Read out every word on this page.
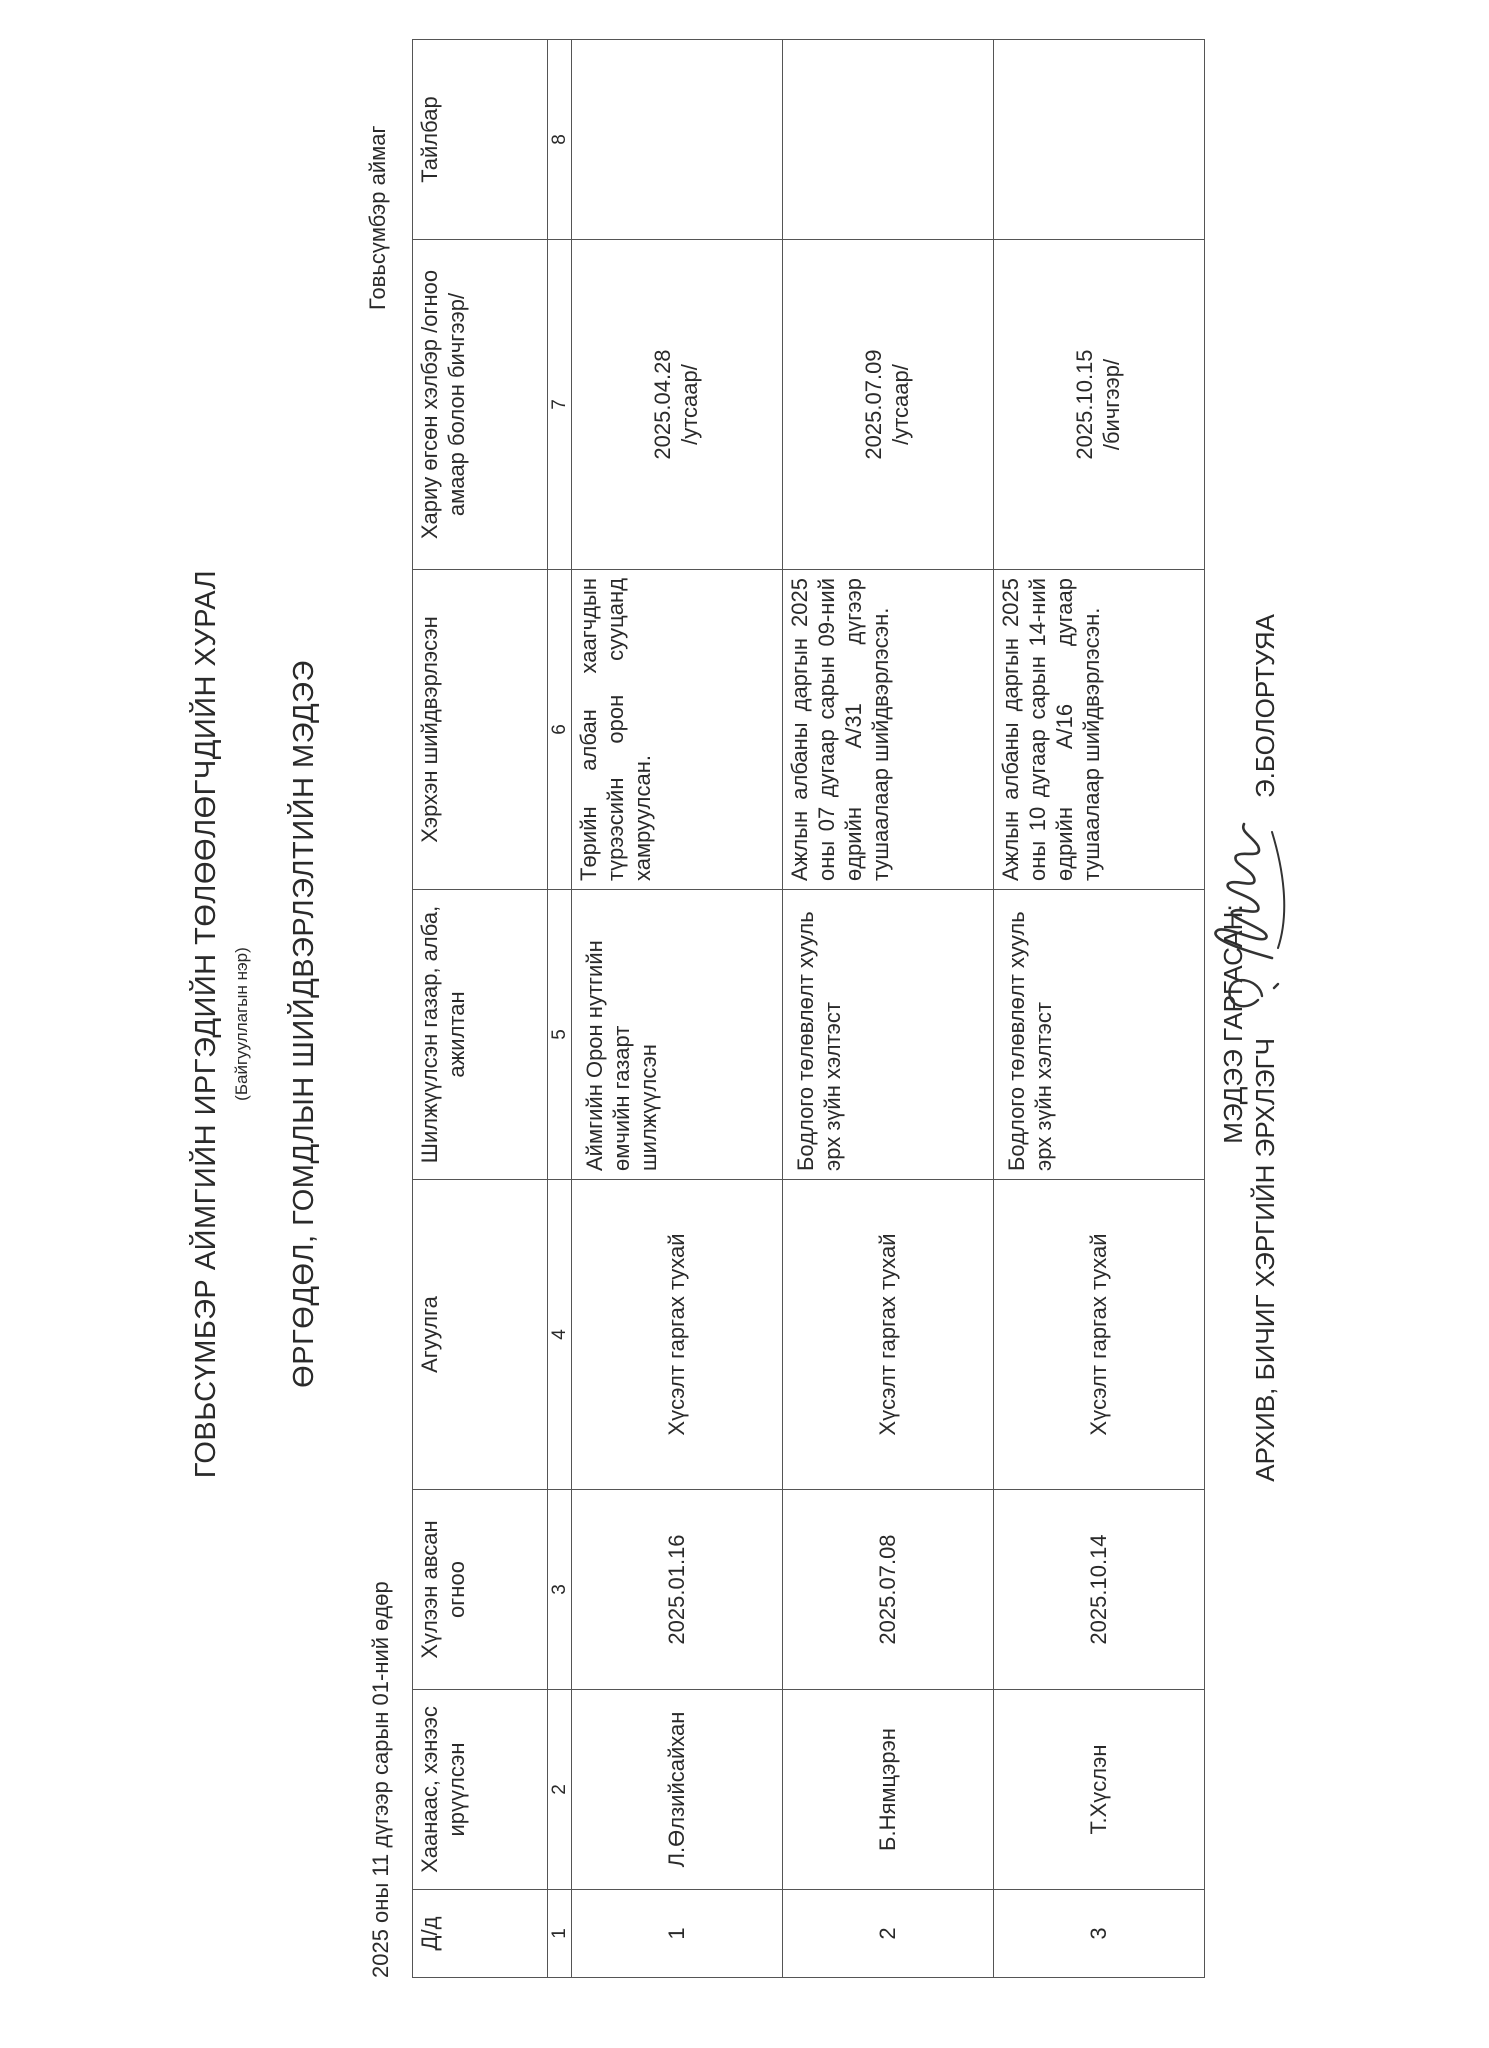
ГОВЬСҮМБЭР АЙМГИЙН ИРГЭДИЙН ТӨЛӨӨЛӨГЧДИЙН ХУРАЛ (Байгууллагын нэр) ӨРГӨДӨЛ, ГОМДЛЫН ШИЙДВЭРЛЭЛТИЙН МЭДЭЭ
2025 оны 11 дүгээр сарын 01-ний өдөр
Говьсүмбэр аймаг
Д/д	Хаанаас, хэнээс ирүүлсэн	Хүлээн авсан огноо	Агуулга	Шилжүүлсэн газар, алба, ажилтан	Хэрхэн шийдвэрлэсэн	Хариу өгсөн хэлбэр /огноо амаар болон бичгээр/	Тайлбар
1	2	3	4	5	6	7	8
1	Л.Өлзийсайхан	2025.01.16	Хүсэлт гаргах тухай	Аймгийн Орон нутгийн өмчийн газарт шилжүүлсэн	Төрийн албан хаагчдын түрээсийн орон сууцанд хамруулсан.	2025.04.28 /утсаар/	

2	Б.Нямцэрэн	2025.07.08	Хүсэлт гаргах тухай	Бодлого төлөвлөлт хууль эрх зүйн хэлтэст	Ажлын албаны даргын 2025 оны 07 дугаар сарын 09-ний өдрийн А/31 дүгээр тушаалаар шийдвэрлэсэн.	2025.07.09 /утсаар/	

3	Т.Хүслэн	2025.10.14	Хүсэлт гаргах тухай	Бодлого төлөвлөлт хууль эрх зүйн хэлтэст	Ажлын албаны даргын 2025 оны 10 дугаар сарын 14-ний өдрийн А/16 дугаар тушаалаар шийдвэрлэсэн.	2025.10.15 /бичгээр/	

МЭДЭЭ ГАРГАСАН:
АРХИВ, БИЧИГ ХЭРГИЙН ЭРХЛЭГЧ
Э.БОЛОРТУЯА
